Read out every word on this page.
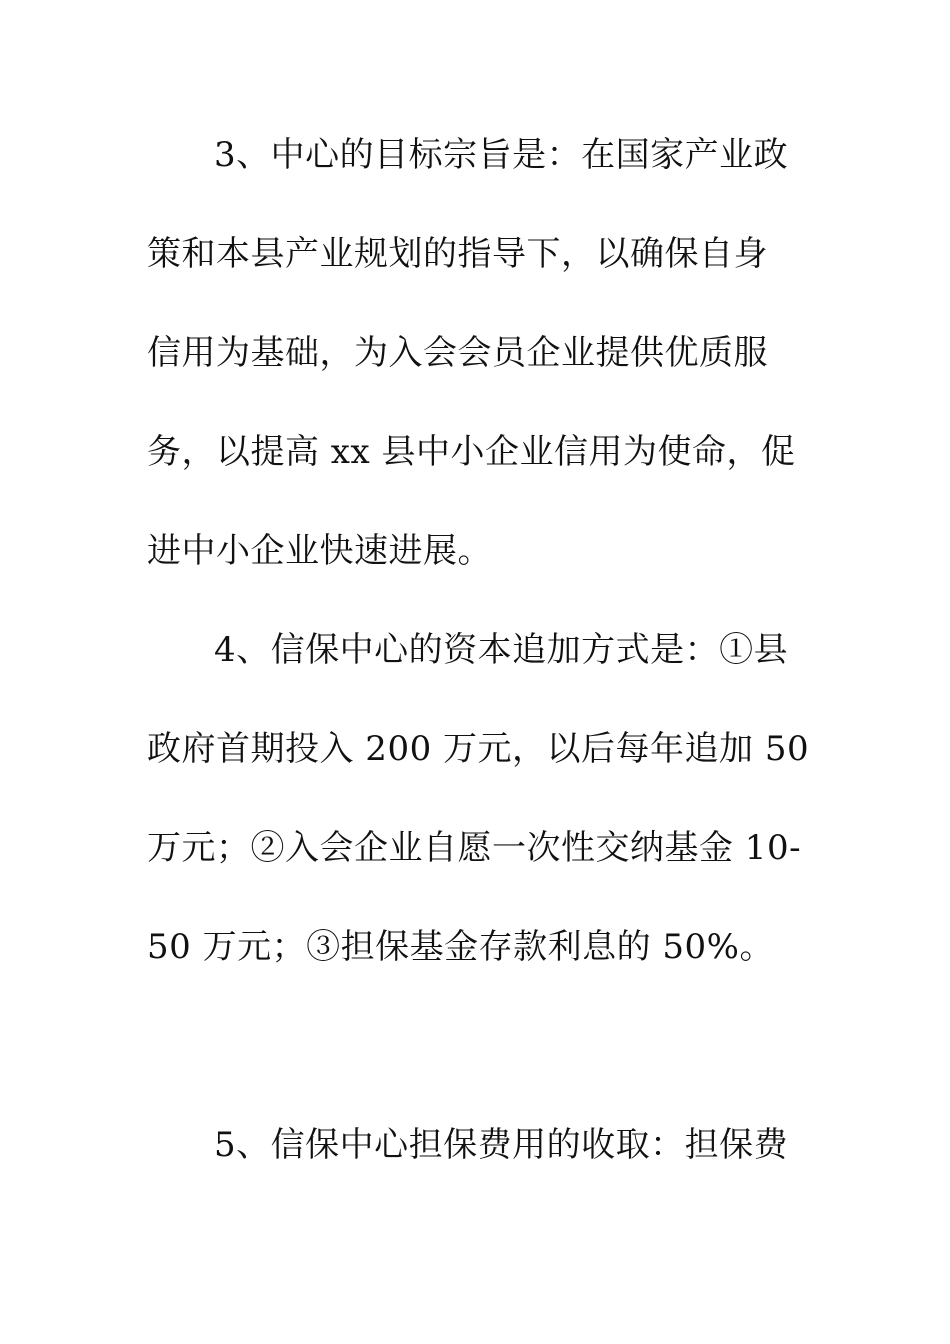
3、中心的目标宗旨是：在国家产业政
策和本县产业规划的指导下，以确保自身
信用为基础，为入会会员企业提供优质服
务，以提高 xx 县中小企业信用为使命，促
进中小企业快速进展。
4、信保中心的资本追加方式是：①县
政府首期投入 200 万元，以后每年追加 50
万元；②入会企业自愿一次性交纳基金 10-
50 万元；③担保基金存款利息的 50%。
5、信保中心担保费用的收取：担保费
